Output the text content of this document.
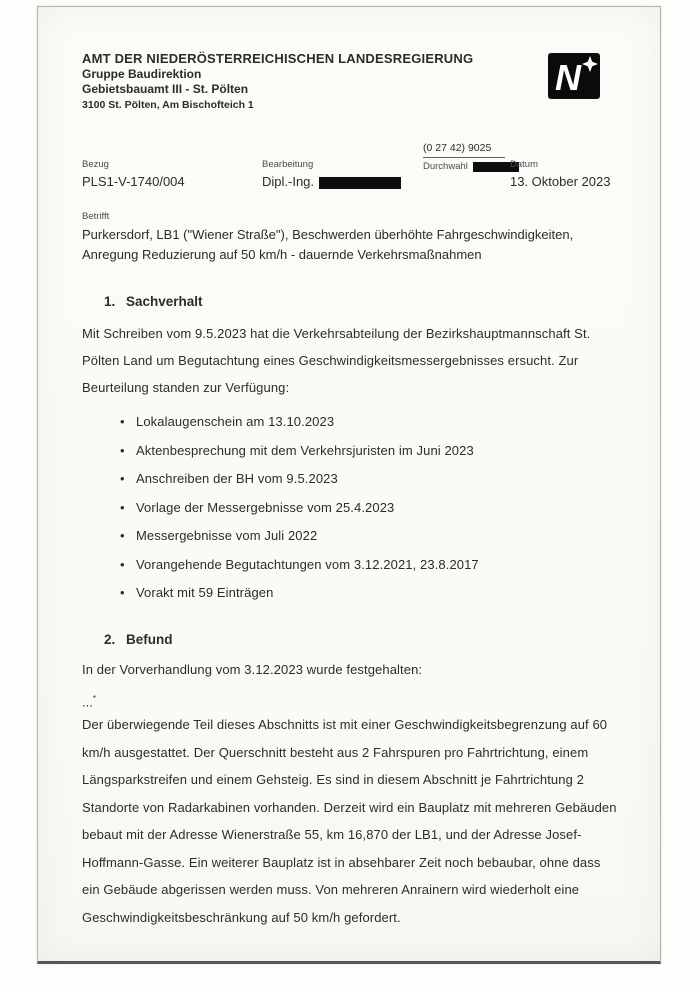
AMT DER NIEDERÖSTERREICHISCHEN LANDESREGIERUNG
Gruppe Baudirektion
Gebietsbauamt III - St. Pölten
3100 St. Pölten, Am Bischofteich 1
Bezug
PLS1-V-1740/004
Bearbeitung
Dipl.-Ing.
(0 27 42) 9025
Durchwahl	Datum
13. Oktober 2023
Betrifft
Purkersdorf, LB1 ("Wiener Straße"), Beschwerden überhöhte Fahrgeschwindigkeiten, Anregung Reduzierung auf 50 km/h - dauernde Verkehrsmaßnahmen
1. Sachverhalt

Mit Schreiben vom 9.5.2023 hat die Verkehrsabteilung der Bezirkshauptmannschaft St. Pölten Land um Begutachtung eines Geschwindigkeitsmessergebnisses ersucht. Zur Beurteilung standen zur Verfügung:

• Lokalaugenschein am 13.10.2023
• Aktenbesprechung mit dem Verkehrsjuristen im Juni 2023
• Anschreiben der BH vom 9.5.2023
• Vorlage der Messergebnisse vom 25.4.2023
• Messergebnisse vom Juli 2022
• Vorangehende Begutachtungen vom 3.12.2021, 23.8.2017
• Vorakt mit 59 Einträgen
2. Befund

In der Vorverhandlung vom 3.12.2023 wurde festgehalten:

...*

Der überwiegende Teil dieses Abschnitts ist mit einer Geschwindigkeitsbegrenzung auf 60 km/h ausgestattet. Der Querschnitt besteht aus 2 Fahrspuren pro Fahrtrichtung, einem Längsparkstreifen und einem Gehsteig. Es sind in diesem Abschnitt je Fahrtrichtung 2 Standorte von Radarkabinen vorhanden. Derzeit wird ein Bauplatz mit mehreren Gebäuden bebaut mit der Adresse Wienerstraße 55, km 16,870 der LB1, und der Adresse Josef-Hoffmann-Gasse. Ein weiterer Bauplatz ist in absehbarer Zeit noch bebaubar, ohne dass ein Gebäude abgerissen werden muss. Von mehreren Anrainern wird wiederholt eine Geschwindigkeitsbeschränkung auf 50 km/h gefordert.

N
